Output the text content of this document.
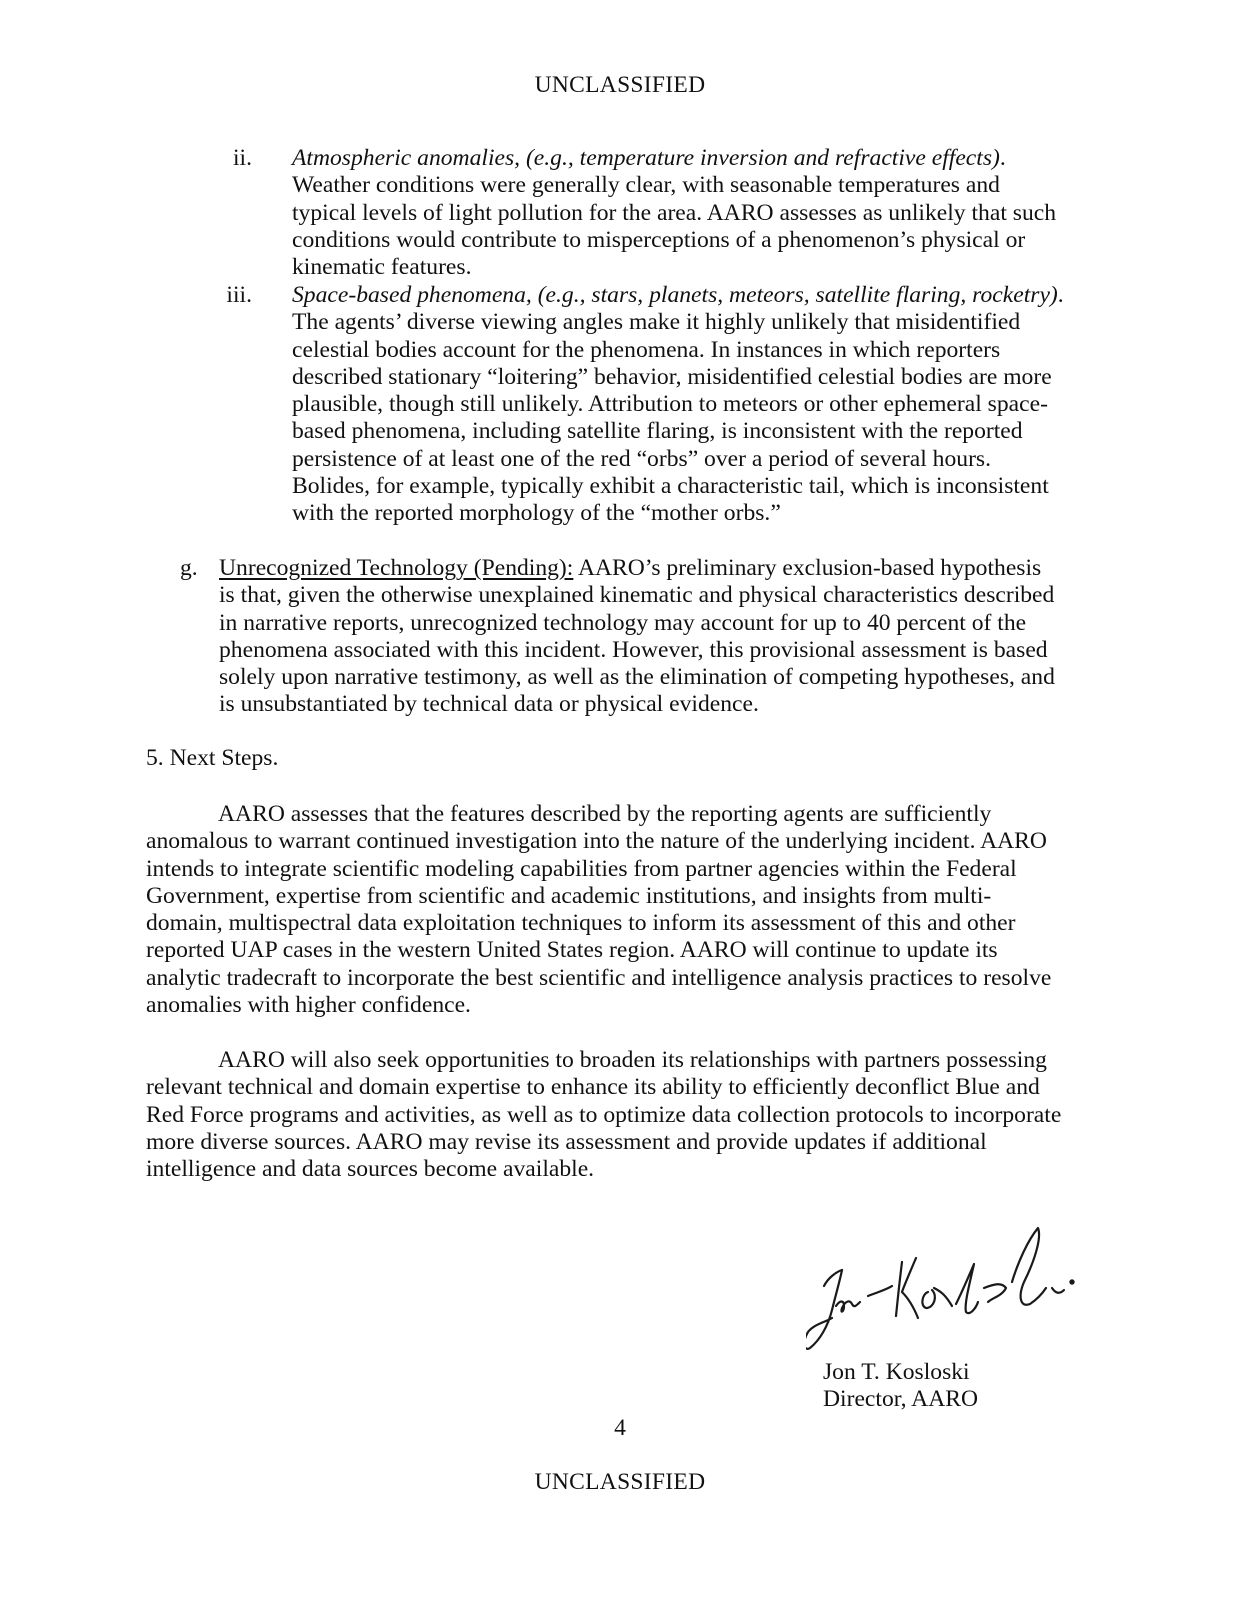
UNCLASSIFIED
ii. Atmospheric anomalies, (e.g., temperature inversion and refractive effects).
Weather conditions were generally clear, with seasonable temperatures and
typical levels of light pollution for the area. AARO assesses as unlikely that such
conditions would contribute to misperceptions of a phenomenon’s physical or
kinematic features.
iii. Space-based phenomena, (e.g., stars, planets, meteors, satellite flaring, rocketry).
The agents’ diverse viewing angles make it highly unlikely that misidentified
celestial bodies account for the phenomena. In instances in which reporters
described stationary “loitering” behavior, misidentified celestial bodies are more
plausible, though still unlikely. Attribution to meteors or other ephemeral space-
based phenomena, including satellite flaring, is inconsistent with the reported
persistence of at least one of the red “orbs” over a period of several hours.
Bolides, for example, typically exhibit a characteristic tail, which is inconsistent
with the reported morphology of the “mother orbs.”
g. Unrecognized Technology (Pending): AARO’s preliminary exclusion-based hypothesis
is that, given the otherwise unexplained kinematic and physical characteristics described
in narrative reports, unrecognized technology may account for up to 40 percent of the
phenomena associated with this incident. However, this provisional assessment is based
solely upon narrative testimony, as well as the elimination of competing hypotheses, and
is unsubstantiated by technical data or physical evidence.
5. Next Steps.
AARO assesses that the features described by the reporting agents are sufficiently
anomalous to warrant continued investigation into the nature of the underlying incident. AARO
intends to integrate scientific modeling capabilities from partner agencies within the Federal
Government, expertise from scientific and academic institutions, and insights from multi-
domain, multispectral data exploitation techniques to inform its assessment of this and other
reported UAP cases in the western United States region. AARO will continue to update its
analytic tradecraft to incorporate the best scientific and intelligence analysis practices to resolve
anomalies with higher confidence.
AARO will also seek opportunities to broaden its relationships with partners possessing
relevant technical and domain expertise to enhance its ability to efficiently deconflict Blue and
Red Force programs and activities, as well as to optimize data collection protocols to incorporate
more diverse sources. AARO may revise its assessment and provide updates if additional
intelligence and data sources become available.
Jon T. Kosloski
Director, AARO
4
UNCLASSIFIED
